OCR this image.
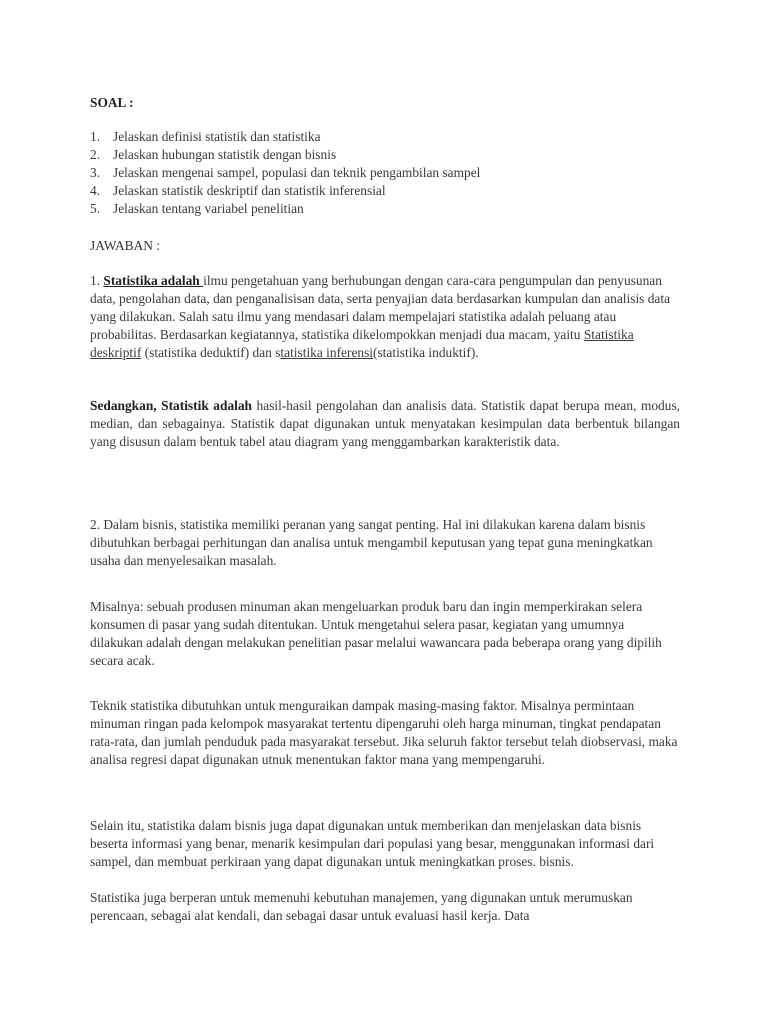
SOAL :
1. Jelaskan definisi statistik dan statistika
2. Jelaskan hubungan statistik dengan bisnis
3. Jelaskan mengenai sampel, populasi dan teknik pengambilan sampel
4. Jelaskan statistik deskriptif dan statistik inferensial
5. Jelaskan tentang variabel penelitian
JAWABAN :

1. Statistika adalah ilmu pengetahuan yang berhubungan dengan cara-cara pengumpulan dan penyusunan data, pengolahan data, dan penganalisisan data, serta penyajian data berdasarkan kumpulan dan analisis data yang dilakukan. Salah satu ilmu yang mendasari dalam mempelajari statistika adalah peluang atau probabilitas. Berdasarkan kegiatannya, statistika dikelompokkan menjadi dua macam, yaitu Statistika deskriptif (statistika deduktif) dan statistika inferensi(statistika induktif).

Sedangkan, Statistik adalah hasil-hasil pengolahan dan analisis data. Statistik dapat berupa mean, modus, median, dan sebagainya. Statistik dapat digunakan untuk menyatakan kesimpulan data berbentuk bilangan yang disusun dalam bentuk tabel atau diagram yang menggambarkan karakteristik data.

2. Dalam bisnis, statistika memiliki peranan yang sangat penting. Hal ini dilakukan karena dalam bisnis dibutuhkan berbagai perhitungan dan analisa untuk mengambil keputusan yang tepat guna meningkatkan usaha dan menyelesaikan masalah.

Misalnya: sebuah produsen minuman akan mengeluarkan produk baru dan ingin memperkirakan selera konsumen di pasar yang sudah ditentukan. Untuk mengetahui selera pasar, kegiatan yang umumnya dilakukan adalah dengan melakukan penelitian pasar melalui wawancara pada beberapa orang yang dipilih secara acak.

Teknik statistika dibutuhkan untuk menguraikan dampak masing-masing faktor. Misalnya permintaan minuman ringan pada kelompok masyarakat tertentu dipengaruhi oleh harga minuman, tingkat pendapatan rata-rata, dan jumlah penduduk pada masyarakat tersebut. Jika seluruh faktor tersebut telah diobservasi, maka analisa regresi dapat digunakan utnuk menentukan faktor mana yang mempengaruhi.

Selain itu, statistika dalam bisnis juga dapat digunakan untuk memberikan dan menjelaskan data bisnis beserta informasi yang benar, menarik kesimpulan dari populasi yang besar, menggunakan informasi dari sampel, dan membuat perkiraan yang dapat digunakan untuk meningkatkan proses. bisnis.

Statistika juga berperan untuk memenuhi kebutuhan manajemen, yang digunakan untuk merumuskan perencaan, sebagai alat kendali, dan sebagai dasar untuk evaluasi hasil kerja. Data
